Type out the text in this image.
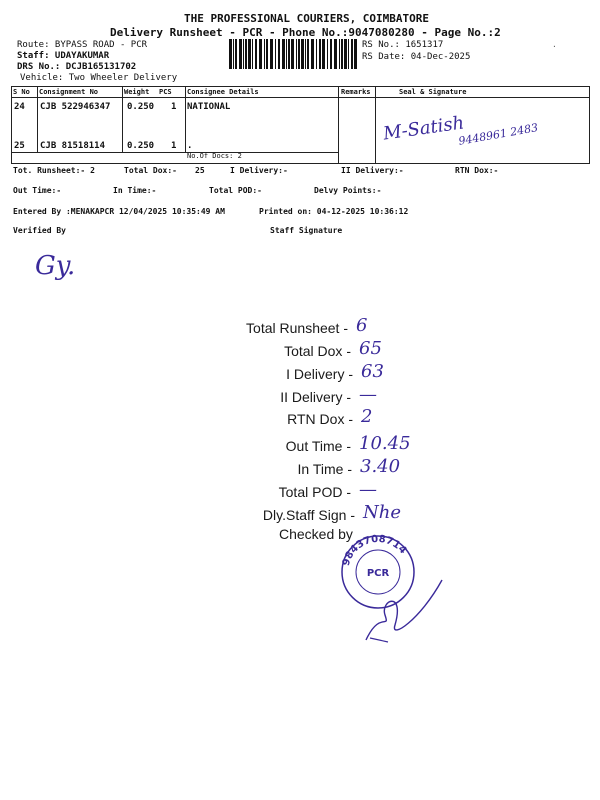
THE PROFESSIONAL COURIERS, COIMBATORE
Delivery Runsheet - PCR - Phone No.:9047080280 - Page No.:2
Route: BYPASS ROAD - PCR
Staff: UDAYAKUMAR
DRS No.: DCJB165131702
Vehicle: Two Wheeler Delivery
RS No.: 1651317
RS Date: 04-Dec-2025
S No Consignment No	Weight PCS Consignee Details	Remarks	Seal & Signature
24 CJB 522946347 0.250 1 NATIONAL
25 CJB 81518114 0.250 1 .
No.Of Docs: 2
M-Satish
9448961 2483
Tot. Runsheet:- 2	Total Dox:- 25	I Delivery:-	II Delivery:-	RTN Dox:-
Out Time:-	In Time:-	Total POD:-	Delvy Points:-
Entered By :MENAKAPCR 12/04/2025 10:35:49 AM	Printed on: 04-12-2025 10:36:12
Verified By	Staff Signature
Gy.
Total Runsheet - 6
Total Dox - 65
I Delivery - 63
II Delivery - —
RTN Dox - 2
Out Time - 10.45
In Time - 3.40
Total POD - —
Dly.Staff Sign - Nhe
Checked by
9843708714
PCR
·
